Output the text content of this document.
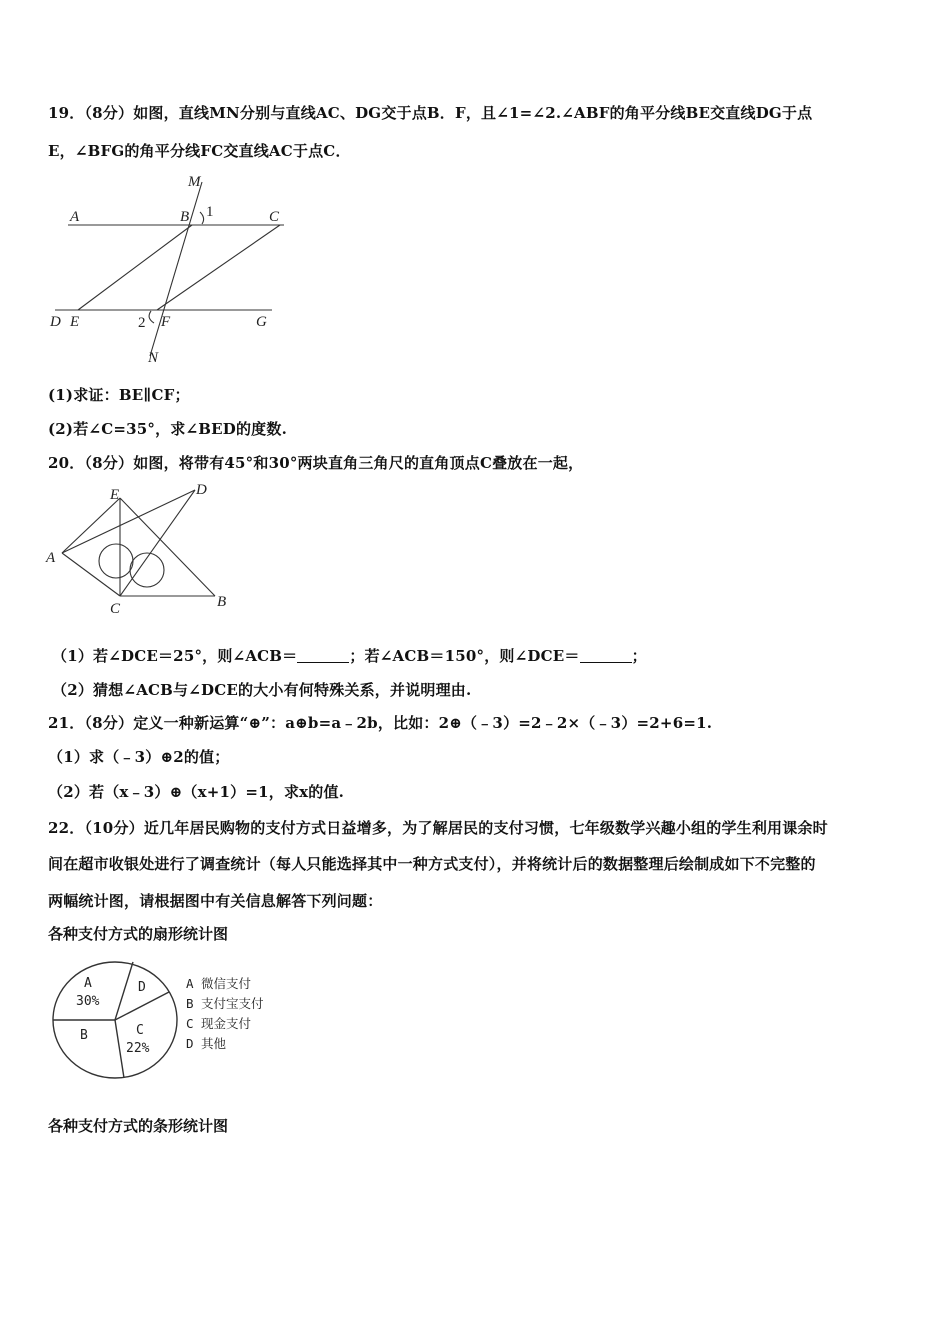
19．（8分）如图，直线MN分别与直线AC、DG交于点B．F，且∠1=∠2.∠ABF的角平分线BE交直线DG于点
E，∠BFG的角平分线FC交直线AC于点C．
M
A	B 1	C
D E	2 F	G
N
(1)求证：BE∥CF；
(2)若∠C=35°，求∠BED的度数.
20．（8分）如图，将带有45°和30°两块直角三角尺的直角顶点C叠放在一起，
E	D
A
C	B
（1）若∠DCE＝25°，则∠ACB＝	；若∠ACB＝150°，则∠DCE＝	；
（2）猜想∠ACB与∠DCE的大小有何特殊关系，并说明理由.
21．（8分）定义一种新运算“⊕”：a⊕b=a﹣2b，比如：2⊕（﹣3）=2﹣2×（﹣3）=2+6=1.
（1）求（﹣3）⊕2的值；
（2）若（x﹣3）⊕（x+1）=1，求x的值.
22．（10分）近几年居民购物的支付方式日益增多，为了解居民的支付习惯，七年级数学兴趣小组的学生利用课余时
间在超市收银处进行了调查统计（每人只能选择其中一种方式支付），并将统计后的数据整理后绘制成如下不完整的
两幅统计图，请根据图中有关信息解答下列问题：
各种支付方式的扇形统计图
A
30%
D
B	C
22%
A 微信支付
B 支付宝支付
C 现金支付
D 其他
各种支付方式的条形统计图
